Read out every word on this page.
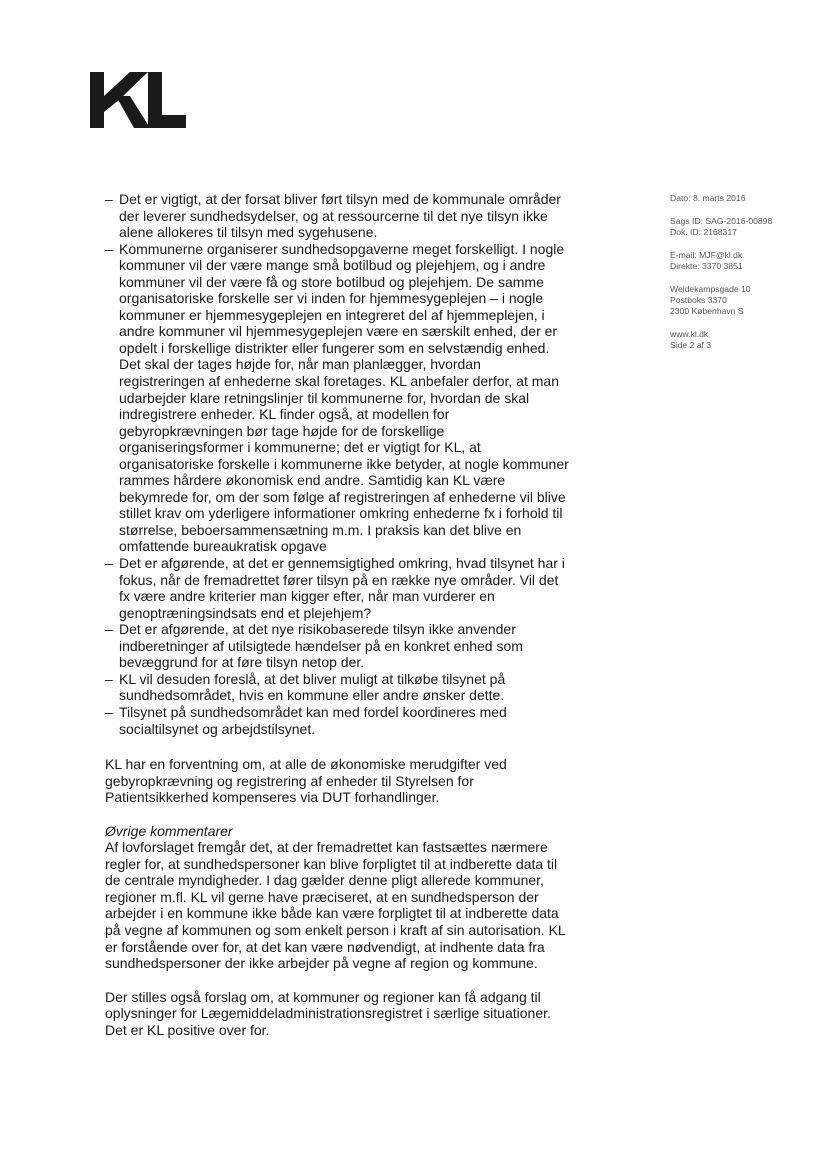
Dato: 8. marts 2016
Sags ID: SAG-2016-00898
Dok. ID: 2168317
E-mail: MJF@kl.dk
Direkte: 3370 3851
Weidekampsgade 10
Postboks 3370
2300 København S
www.kl.dk
Side 2 af 3
– Det er vigtigt, at der forsat bliver ført tilsyn med de kommunale områder der leverer sundhedsydelser, og at ressourcerne til det nye tilsyn ikke alene allokeres til tilsyn med sygehusene.
– Kommunerne organiserer sundhedsopgaverne meget forskelligt. I nogle kommuner vil der være mange små botilbud og plejehjem, og i andre kommuner vil der være få og store botilbud og plejehjem. De samme organisatoriske forskelle ser vi inden for hjemmesygeplejen – i nogle kommuner er hjemmesygeplejen en integreret del af hjemmeplejen, i andre kommuner vil hjemmesygeplejen være en særskilt enhed, der er opdelt i forskellige distrikter eller fungerer som en selvstændig enhed. Det skal der tages højde for, når man planlægger, hvordan registreringen af enhederne skal foretages. KL anbefaler derfor, at man udarbejder klare retningslinjer til kommunerne for, hvordan de skal indregistrere enheder. KL finder også, at modellen for gebyropkrævningen bør tage højde for de forskellige organiseringsformer i kommunerne; det er vigtigt for KL, at organisatoriske forskelle i kommunerne ikke betyder, at nogle kommuner rammes hårdere økonomisk end andre. Samtidig kan KL være bekymrede for, om der som følge af registreringen af enhederne vil blive stillet krav om yderligere informationer omkring enhederne fx i forhold til størrelse, beboersammensætning m.m. I praksis kan det blive en omfattende bureaukratisk opgave
– Det er afgørende, at det er gennemsigtighed omkring, hvad tilsynet har i fokus, når de fremadrettet fører tilsyn på en række nye områder. Vil det fx være andre kriterier man kigger efter, når man vurderer en genoptræningsindsats end et plejehjem?
– Det er afgørende, at det nye risikobaserede tilsyn ikke anvender indberetninger af utilsigtede hændelser på en konkret enhed som bevæggrund for at føre tilsyn netop der.
– KL vil desuden foreslå, at det bliver muligt at tilkøbe tilsynet på sundhedsområdet, hvis en kommune eller andre ønsker dette.
– Tilsynet på sundhedsområdet kan med fordel koordineres med socialtilsynet og arbejdstilsynet.

KL har en forventning om, at alle de økonomiske merudgifter ved gebyropkrævning og registrering af enheder til Styrelsen for Patientsikkerhed kompenseres via DUT forhandlinger.

Øvrige kommentarer

Af lovforslaget fremgår det, at der fremadrettet kan fastsættes nærmere regler for, at sundhedspersoner kan blive forpligtet til at indberette data til de centrale myndigheder. I dag gælder denne pligt allerede kommuner, regioner m.fl. KL vil gerne have præciseret, at en sundhedsperson der arbejder i en kommune ikke både kan være forpligtet til at indberette data på vegne af kommunen og som enkelt person i kraft af sin autorisation. KL er forstående over for, at det kan være nødvendigt, at indhente data fra sundhedspersoner der ikke arbejder på vegne af region og kommune.

Der stilles også forslag om, at kommuner og regioner kan få adgang til oplysninger for Lægemiddeladministrationsregistret i særlige situationer. Det er KL positive over for.
